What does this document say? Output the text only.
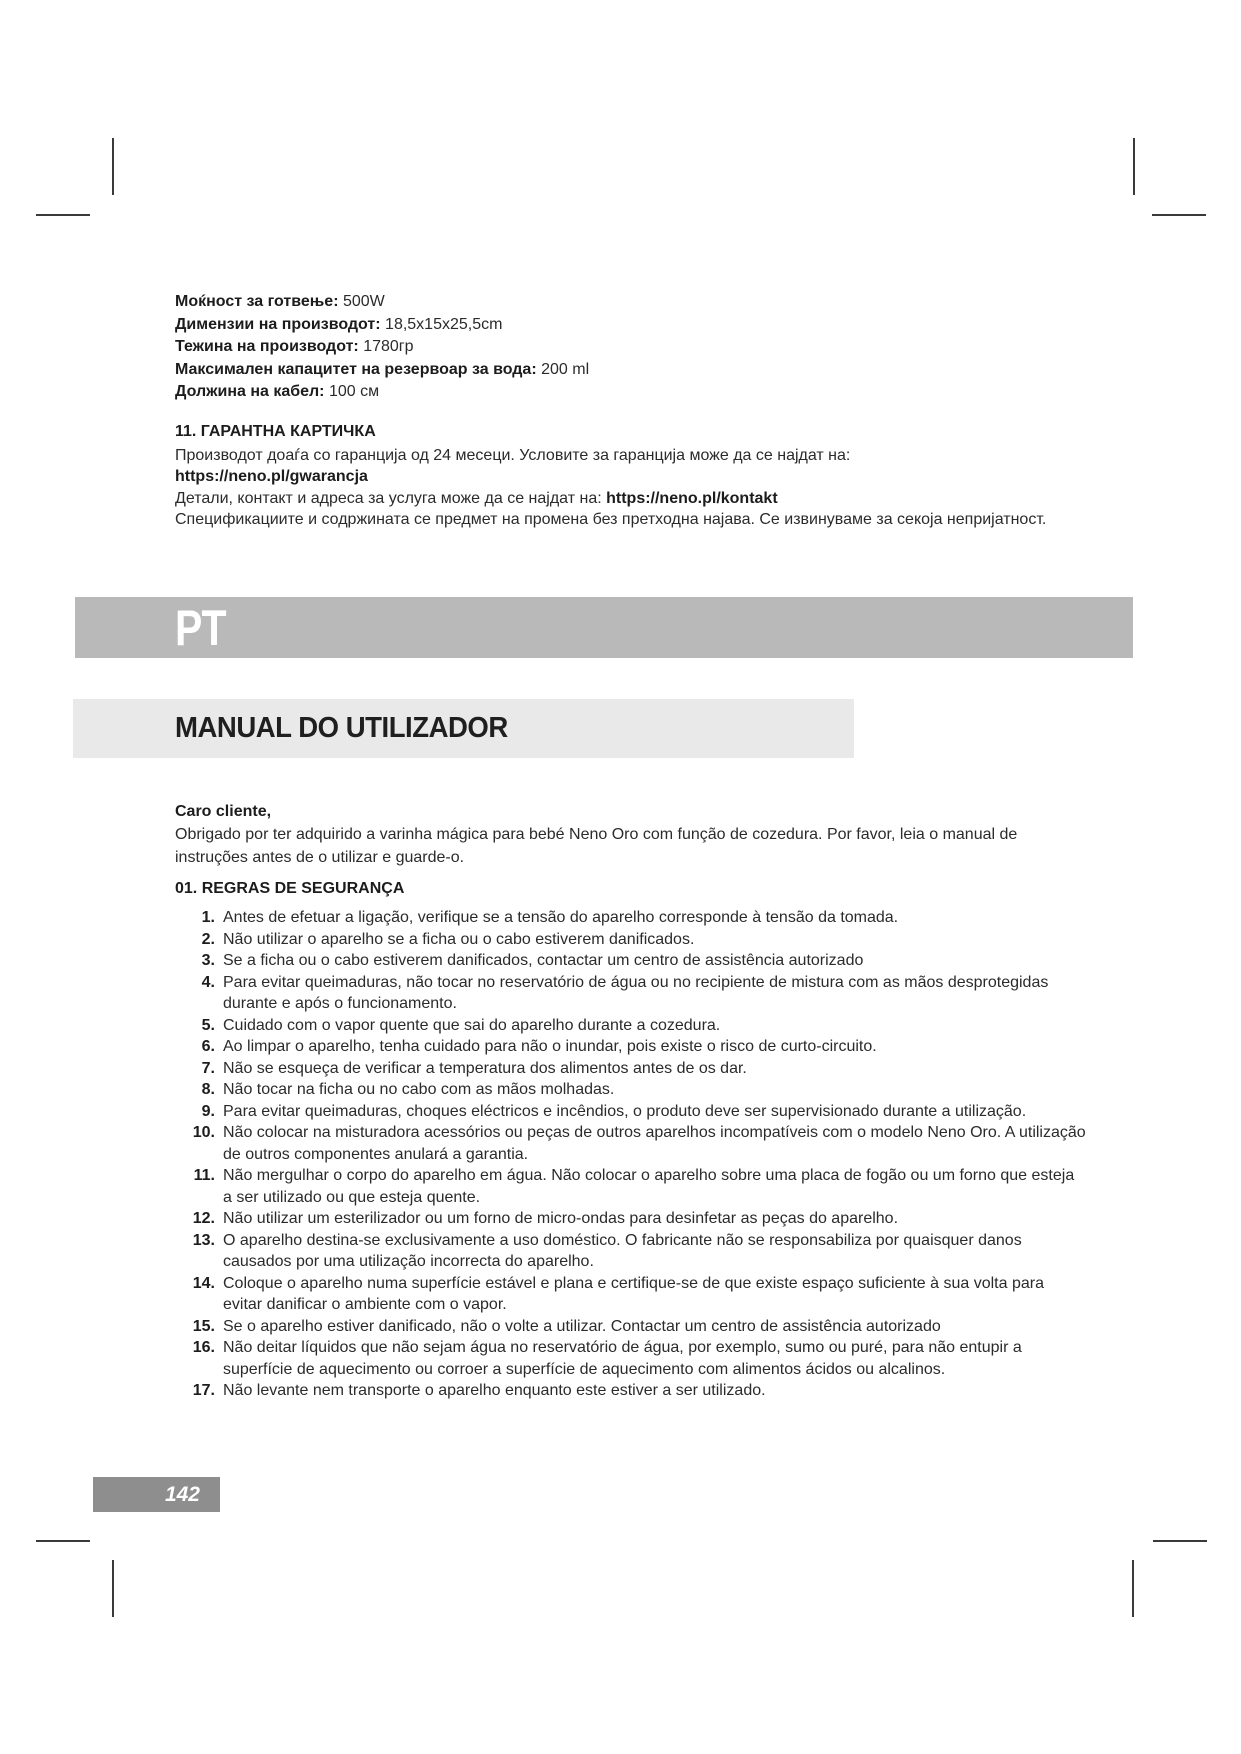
Моќност за готвење: 500W
Димензии на производот: 18,5x15x25,5cm
Тежина на производот: 1780гр
Максимален капацитет на резервоар за вода: 200 ml
Должина на кабел: 100 см
11. ГАРАНТНА КАРТИЧКА
Производот доаѓа со гаранција од 24 месеци. Условите за гаранција може да се најдат на:
https://neno.pl/gwarancja
Детали, контакт и адреса за услуга може да се најдат на: https://neno.pl/kontakt
Спецификациите и содржината се предмет на промена без претходна најава. Се извинуваме за секоја непријатност.
PT
MANUAL DO UTILIZADOR
Caro cliente,
Obrigado por ter adquirido a varinha mágica para bebé Neno Oro com função de cozedura. Por favor, leia o manual de instruções antes de o utilizar e guarde-o.
01. REGRAS DE SEGURANÇA
1. Antes de efetuar a ligação, verifique se a tensão do aparelho corresponde à tensão da tomada.
2. Não utilizar o aparelho se a ficha ou o cabo estiverem danificados.
3. Se a ficha ou o cabo estiverem danificados, contactar um centro de assistência autorizado
4. Para evitar queimaduras, não tocar no reservatório de água ou no recipiente de mistura com as mãos desprotegidas durante e após o funcionamento.
5. Cuidado com o vapor quente que sai do aparelho durante a cozedura.
6. Ao limpar o aparelho, tenha cuidado para não o inundar, pois existe o risco de curto-circuito.
7. Não se esqueça de verificar a temperatura dos alimentos antes de os dar.
8. Não tocar na ficha ou no cabo com as mãos molhadas.
9. Para evitar queimaduras, choques eléctricos e incêndios, o produto deve ser supervisionado durante a utilização.
10. Não colocar na misturadora acessórios ou peças de outros aparelhos incompatíveis com o modelo Neno Oro. A utilização de outros componentes anulará a garantia.
11. Não mergulhar o corpo do aparelho em água. Não colocar o aparelho sobre uma placa de fogão ou um forno que esteja a ser utilizado ou que esteja quente.
12. Não utilizar um esterilizador ou um forno de micro-ondas para desinfetar as peças do aparelho.
13. O aparelho destina-se exclusivamente a uso doméstico. O fabricante não se responsabiliza por quaisquer danos causados por uma utilização incorrecta do aparelho.
14. Coloque o aparelho numa superfície estável e plana e certifique-se de que existe espaço suficiente à sua volta para evitar danificar o ambiente com o vapor.
15. Se o aparelho estiver danificado, não o volte a utilizar. Contactar um centro de assistência autorizado
16. Não deitar líquidos que não sejam água no reservatório de água, por exemplo, sumo ou puré, para não entupir a superfície de aquecimento ou corroer a superfície de aquecimento com alimentos ácidos ou alcalinos.
17. Não levante nem transporte o aparelho enquanto este estiver a ser utilizado.
142
